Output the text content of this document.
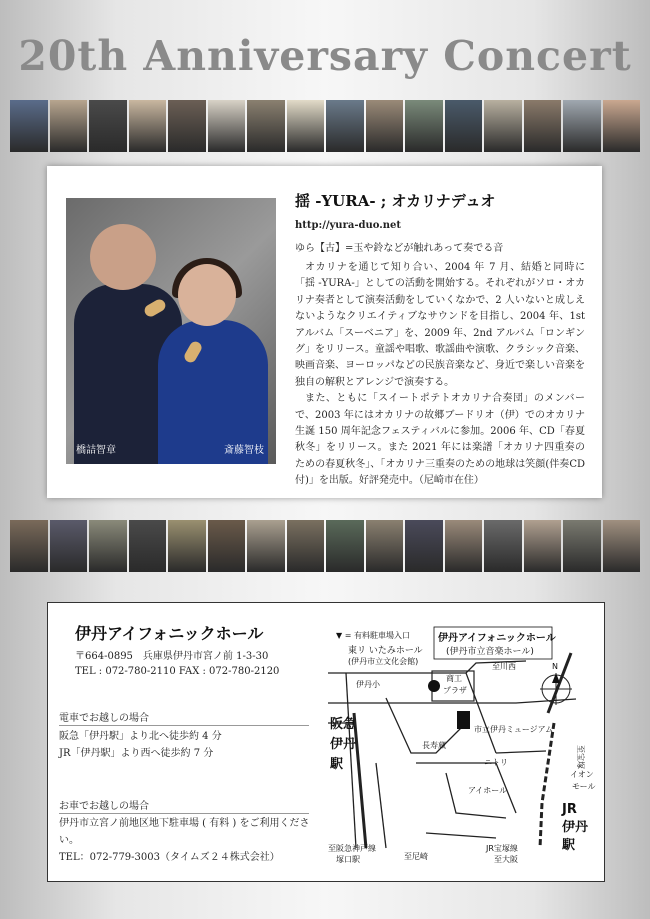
20th Anniversary Concert
橋詰智章	斎藤智枝
揺 -YURA- ; オカリナデュオ
http://yura-duo.net
ゆら【古】=玉や鈴などが触れあって奏でる音

オカリナを通じて知り合い、2004 年 7 月、結婚と同時に「揺 -YURA-」としての活動を開始する。それぞれがソロ・オカリナ奏者として演奏活動をしていくなかで、2 人いないと成しえないようなクリエイティブなサウンドを目指し、2004 年、1st アルバム「スーベニア」を、2009 年、2nd アルバム「ロンギング」をリリース。童謡や唱歌、歌謡曲や演歌、クラシック音楽、映画音楽、ヨーロッパなどの民族音楽など、身近で楽しい音楽を独自の解釈とアレンジで演奏する。

また、ともに「スイートポテトオカリナ合奏団」のメンバーで、2003 年にはオカリナの故郷ブードリオ（伊）でのオカリナ生誕 150 周年記念フェスティバルに参加。2006 年、CD「春夏秋冬」をリリース。また 2021 年には楽譜「オカリナ四重奏のための春夏秋冬」、「オカリナ三重奏のための地球は笑顔(伴奏CD付)」を出版。好評発売中。（尼崎市在住）

伊丹アイフォニックホール
〒664-0895　兵庫県伊丹市宮ノ前 1-3-30
TEL : 072-780-2110 FAX : 072-780-2120
電車でお越しの場合
阪急「伊丹駅」より北へ徒歩約 4 分
JR「伊丹駅」より西へ徒歩約 7 分
お車でお越しの場合
伊丹市立宮ノ前地区地下駐車場 ( 有料 ) をご利用ください。
TEL：072-779-3003（タイムズ２４株式会社）
▼ = 有料駐車場入口	伊丹アイフォニックホール
(伊丹市立音楽ホール)
東リ いたみホール
(伊丹市立文化会館)
伊丹小
商工
プラザ
至川西
市立伊丹ミュージアム
長寿蔵
ニトリ
アイホール
阪急
伊丹
駅
JR
伊丹
駅
至尼崎
至阪急神戸線
塚口駅
JR宝塚線
至大阪
至宝塚
イオン
モール
N
